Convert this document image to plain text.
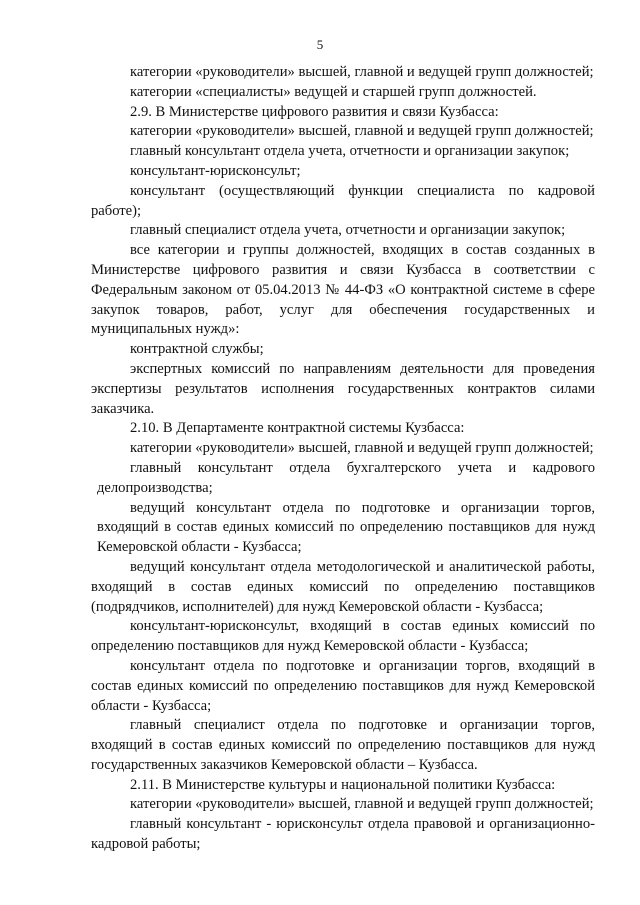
5

категории «руководители» высшей, главной и ведущей групп должностей;

категории «специалисты» ведущей и старшей групп должностей.

2.9. В Министерстве цифрового развития и связи Кузбасса:

категории «руководители» высшей, главной и ведущей групп должностей;

главный консультант отдела учета, отчетности и организации закупок;

консультант-юрисконсульт;

консультант (осуществляющий функции специалиста по кадровой работе);

главный специалист отдела учета, отчетности и организации закупок;

все категории и группы должностей, входящих в состав созданных в Министерстве цифрового развития и связи Кузбасса в соответствии с Федеральным законом от 05.04.2013 № 44-ФЗ «О контрактной системе в сфере закупок товаров, работ, услуг для обеспечения государственных и муниципальных нужд»:

контрактной службы;

экспертных комиссий по направлениям деятельности для проведения экспертизы результатов исполнения государственных контрактов силами заказчика.

2.10. В Департаменте контрактной системы Кузбасса:

категории «руководители» высшей, главной и ведущей групп должностей;

главный консультант отдела бухгалтерского учета и кадрового делопроизводства;

ведущий консультант отдела по подготовке и организации торгов, входящий в состав единых комиссий по определению поставщиков для нужд Кемеровской области - Кузбасса;

ведущий консультант отдела методологической и аналитической работы, входящий в состав единых комиссий по определению поставщиков (подрядчиков, исполнителей) для нужд Кемеровской области - Кузбасса;

консультант-юрисконсульт, входящий в состав единых комиссий по определению поставщиков для нужд Кемеровской области - Кузбасса;

консультант отдела по подготовке и организации торгов, входящий в состав единых комиссий по определению поставщиков для нужд Кемеровской области - Кузбасса;

главный специалист отдела по подготовке и организации торгов, входящий в состав единых комиссий по определению поставщиков для нужд государственных заказчиков Кемеровской области – Кузбасса.

2.11. В Министерстве культуры и национальной политики Кузбасса:

категории «руководители» высшей, главной и ведущей групп должностей;

главный консультант - юрисконсульт отдела правовой и организационно-кадровой работы;
